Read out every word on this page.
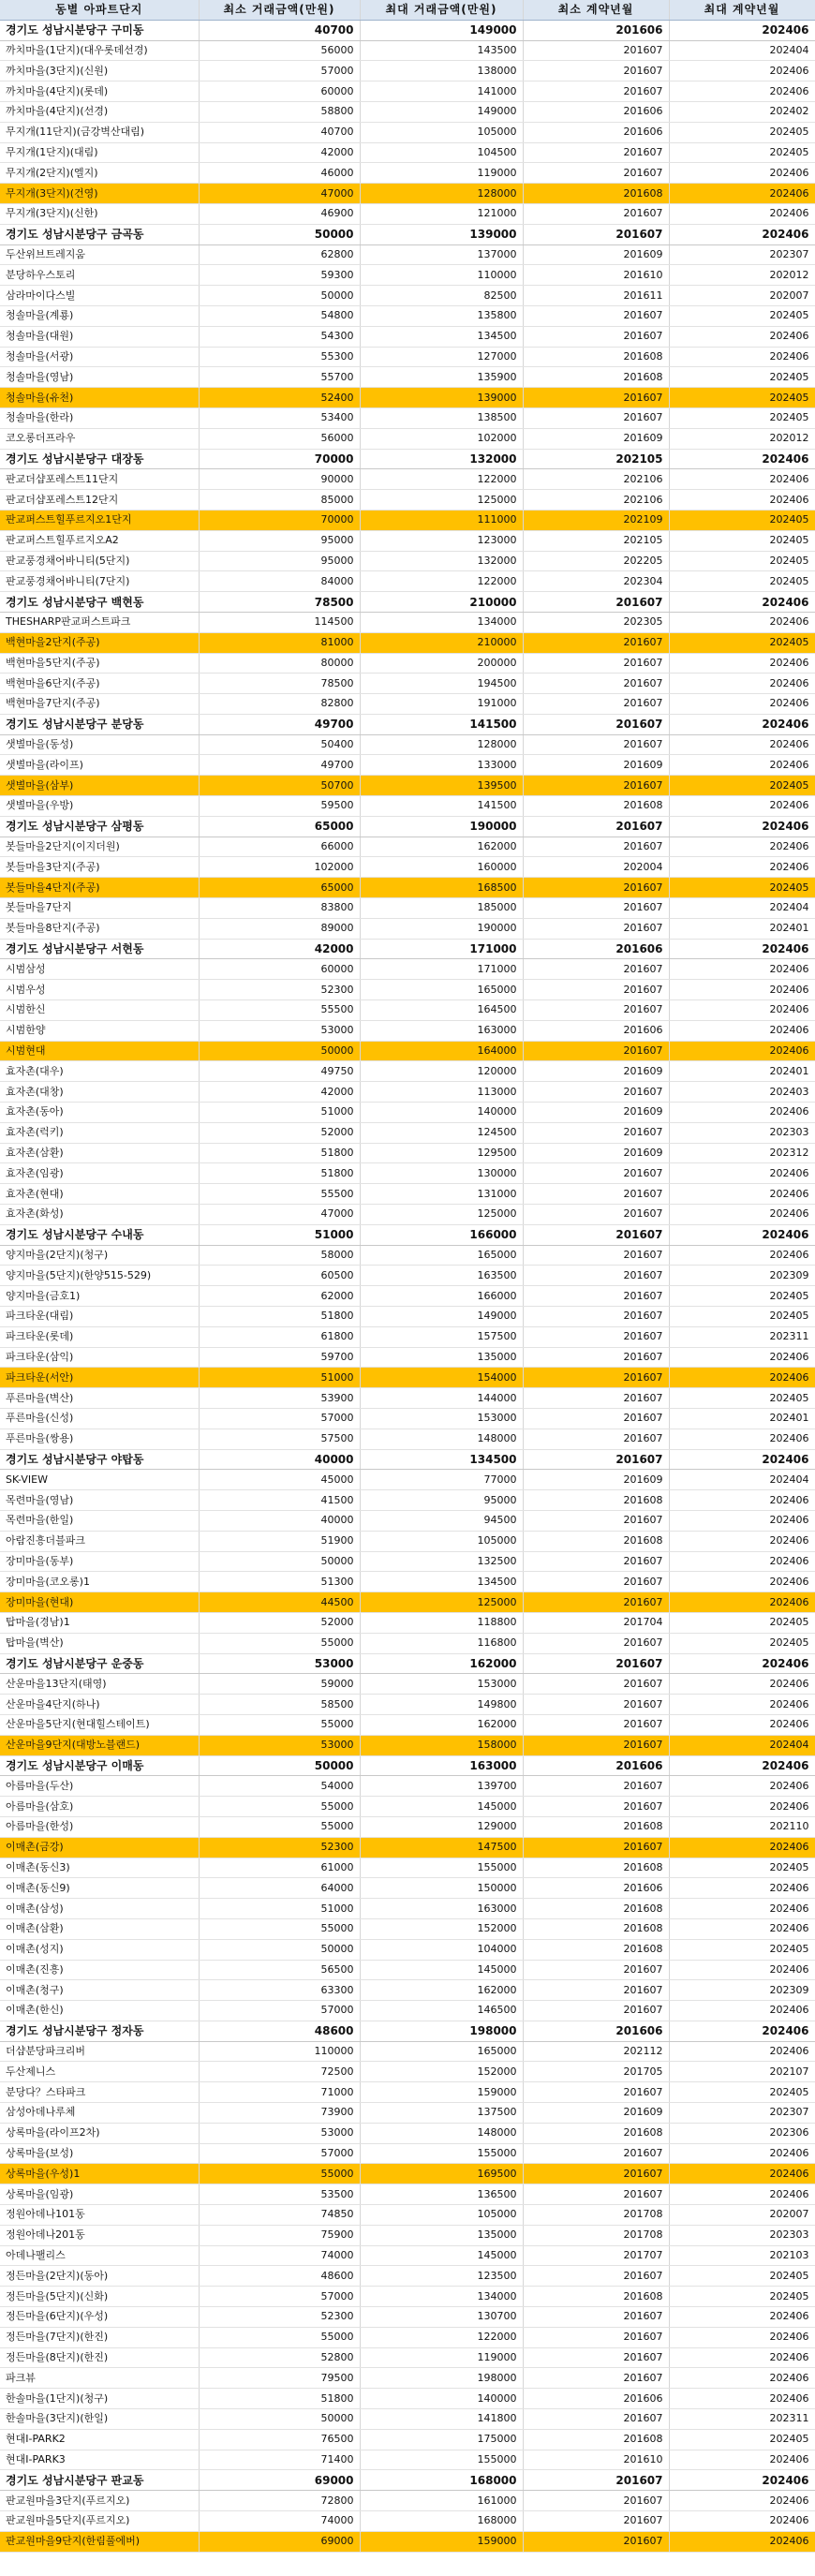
동별 아파트단지	최소 거래금액(만원)	최대 거래금액(만원)	최소 계약년월	최대 계약년월
경기도 성남시분당구 구미동	40700	149000	201606	202406
까치마을(1단지)(대우롯데선경)	56000	143500	201607	202404
까치마을(3단지)(신원)	57000	138000	201607	202406
까치마을(4단지)(롯데)	60000	141000	201607	202406
까치마을(4단지)(선경)	58800	149000	201606	202402
무지개(11단지)(금강벽산대림)	40700	105000	201606	202405
무지개(1단지)(대림)	42000	104500	201607	202405
무지개(2단지)(엘지)	46000	119000	201607	202406
무지개(3단지)(건영)	47000	128000	201608	202406
무지개(3단지)(신한)	46900	121000	201607	202406
경기도 성남시분당구 금곡동	50000	139000	201607	202406
두산위브트레지움	62800	137000	201609	202307
분당하우스토리	59300	110000	201610	202012
삼라마이다스빌	50000	82500	201611	202007
청솔마을(계룡)	54800	135800	201607	202405
청솔마을(대원)	54300	134500	201607	202406
청솔마을(서광)	55300	127000	201608	202406
청솔마을(영남)	55700	135900	201608	202405
청솔마을(유천)	52400	139000	201607	202405
청솔마을(한라)	53400	138500	201607	202405
코오롱더프라우	56000	102000	201609	202012
경기도 성남시분당구 대장동	70000	132000	202105	202406
판교더샵포레스트11단지	90000	122000	202106	202406
판교더샵포레스트12단지	85000	125000	202106	202406
판교퍼스트힐푸르지오1단지	70000	111000	202109	202405
판교퍼스트힐푸르지오A2	95000	123000	202105	202405
판교풍경채어바니티(5단지)	95000	132000	202205	202405
판교풍경채어바니티(7단지)	84000	122000	202304	202405
경기도 성남시분당구 백현동	78500	210000	201607	202406
THESHARP판교퍼스트파크	114500	134000	202305	202406
백현마을2단지(주공)	81000	210000	201607	202405
백현마을5단지(주공)	80000	200000	201607	202406
백현마을6단지(주공)	78500	194500	201607	202406
백현마을7단지(주공)	82800	191000	201607	202406
경기도 성남시분당구 분당동	49700	141500	201607	202406
샛별마을(동성)	50400	128000	201607	202406
샛별마을(라이프)	49700	133000	201609	202406
샛별마을(삼부)	50700	139500	201607	202405
샛별마을(우방)	59500	141500	201608	202406
경기도 성남시분당구 삼평동	65000	190000	201607	202406
봇들마을2단지(이지더원)	66000	162000	201607	202406
봇들마을3단지(주공)	102000	160000	202004	202406
봇들마을4단지(주공)	65000	168500	201607	202405
봇들마을7단지	83800	185000	201607	202404
봇들마을8단지(주공)	89000	190000	201607	202401
경기도 성남시분당구 서현동	42000	171000	201606	202406
시범삼성	60000	171000	201607	202406
시범우성	52300	165000	201607	202406
시범한신	55500	164500	201607	202406
시범한양	53000	163000	201606	202406
시범현대	50000	164000	201607	202406
효자촌(대우)	49750	120000	201609	202401
효자촌(대창)	42000	113000	201607	202403
효자촌(동아)	51000	140000	201609	202406
효자촌(럭키)	52000	124500	201607	202303
효자촌(삼환)	51800	129500	201609	202312
효자촌(임광)	51800	130000	201607	202406
효자촌(현대)	55500	131000	201607	202406
효자촌(화성)	47000	125000	201607	202406
경기도 성남시분당구 수내동	51000	166000	201607	202406
양지마을(2단지)(청구)	58000	165000	201607	202406
양지마을(5단지)(한양515-529)	60500	163500	201607	202309
양지마을(금호1)	62000	166000	201607	202405
파크타운(대림)	51800	149000	201607	202405
파크타운(롯데)	61800	157500	201607	202311
파크타운(삼익)	59700	135000	201607	202406
파크타운(서안)	51000	154000	201607	202406
푸른마을(벽산)	53900	144000	201607	202405
푸른마을(신성)	57000	153000	201607	202401
푸른마을(쌍용)	57500	148000	201607	202406
경기도 성남시분당구 야탑동	40000	134500	201607	202406
SK-VIEW	45000	77000	201609	202404
목련마을(영남)	41500	95000	201608	202406
목련마을(한일)	40000	94500	201607	202406
아람진흥더블파크	51900	105000	201608	202406
장미마을(동부)	50000	132500	201607	202406
장미마을(코오롱)1	51300	134500	201607	202406
장미마을(현대)	44500	125000	201607	202406
탑마을(경남)1	52000	118800	201704	202405
탑마을(벽산)	55000	116800	201607	202405
경기도 성남시분당구 운중동	53000	162000	201607	202406
산운마을13단지(태영)	59000	153000	201607	202406
산운마을4단지(하나)	58500	149800	201607	202406
산운마을5단지(현대힐스테이트)	55000	162000	201607	202406
산운마을9단지(대방노블랜드)	53000	158000	201607	202404
경기도 성남시분당구 이매동	50000	163000	201606	202406
아름마을(두산)	54000	139700	201607	202406
아름마을(삼호)	55000	145000	201607	202406
아름마을(한성)	55000	129000	201608	202110
이매촌(금강)	52300	147500	201607	202406
이매촌(동신3)	61000	155000	201608	202405
이매촌(동신9)	64000	150000	201606	202406
이매촌(삼성)	51000	163000	201608	202406
이매촌(삼환)	55000	152000	201608	202406
이매촌(성지)	50000	104000	201608	202405
이매촌(진흥)	56500	145000	201607	202406
이매촌(청구)	63300	162000	201607	202309
이매촌(한신)	57000	146500	201607	202406
경기도 성남시분당구 정자동	48600	198000	201606	202406
더샵분당파크리버	110000	165000	202112	202406
두산제니스	72500	152000	201705	202107
분당다？스타파크	71000	159000	201607	202405
삼성아데나루체	73900	137500	201609	202307
상록마을(라이프2차)	53000	148000	201608	202306
상록마을(보성)	57000	155000	201607	202406
상록마을(우성)1	55000	169500	201607	202406
상록마을(임광)	53500	136500	201607	202406
정원아데나101동	74850	105000	201708	202007
정원아데나201동	75900	135000	201708	202303
아데나팰리스	74000	145000	201707	202103
정든마을(2단지)(동아)	48600	123500	201607	202405
정든마을(5단지)(신화)	57000	134000	201608	202405
정든마을(6단지)(우성)	52300	130700	201607	202406
정든마을(7단지)(한진)	55000	122000	201607	202406
정든마을(8단지)(한진)	52800	119000	201607	202406
파크뷰	79500	198000	201607	202406
한솔마을(1단지)(청구)	51800	140000	201606	202406
한솔마을(3단지)(한일)	50000	141800	201607	202311
현대I-PARK2	76500	175000	201608	202405
현대I-PARK3	71400	155000	201610	202406
경기도 성남시분당구 판교동	69000	168000	201607	202406
판교원마을3단지(푸르지오)	72800	161000	201607	202406
판교원마을5단지(푸르지오)	74000	168000	201607	202406
판교원마을9단지(한림풀에버)	69000	159000	201607	202406
